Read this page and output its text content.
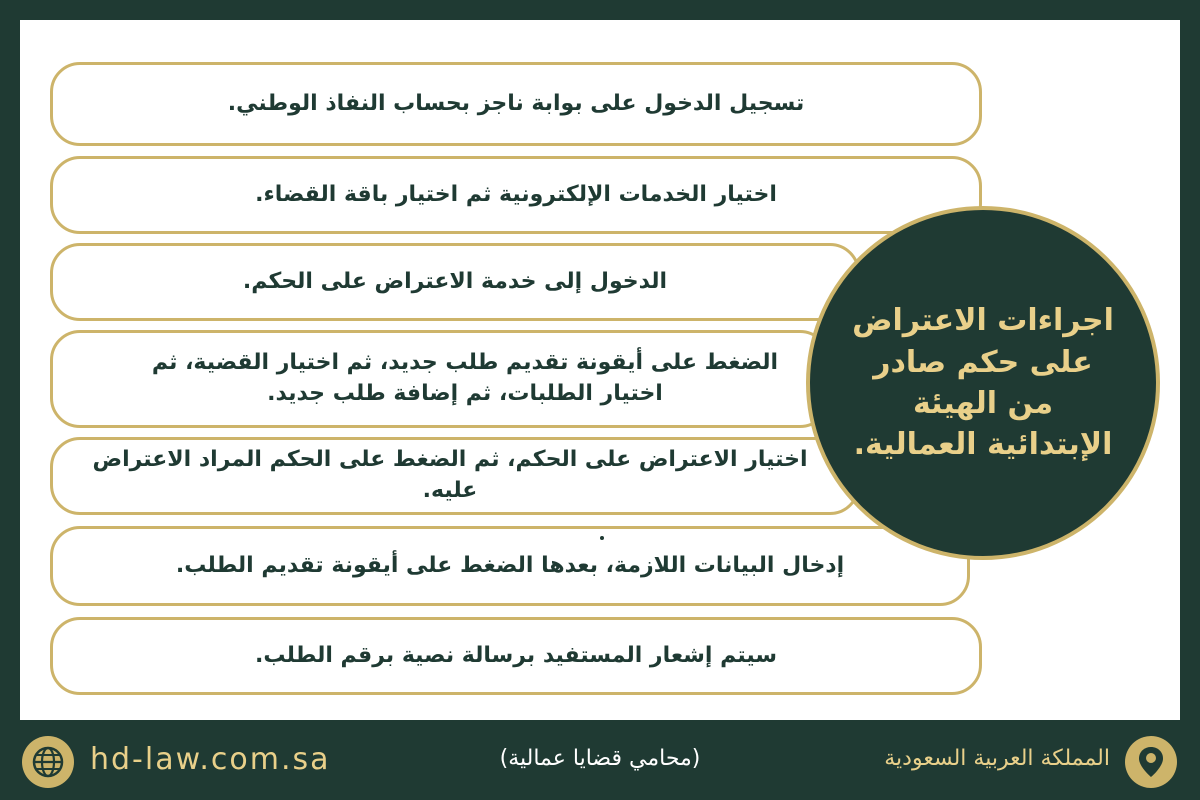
تسجيل الدخول على بوابة ناجز بحساب النفاذ الوطني.
اختيار الخدمات الإلكترونية ثم اختيار باقة القضاء.
الدخول إلى خدمة الاعتراض على الحكم.
الضغط على أيقونة تقديم طلب جديد، ثم اختيار القضية، ثم اختيار الطلبات، ثم إضافة طلب جديد.
اختيار الاعتراض على الحكم، ثم الضغط على الحكم المراد الاعتراض عليه.
إدخال البيانات اللازمة، بعدها الضغط على أيقونة تقديم الطلب.
سيتم إشعار المستفيد برسالة نصية برقم الطلب.
اجراءات الاعتراض على حكم صادر من الهيئة الإبتدائية العمالية.
hd-law.com.sa	(محامي قضايا عمالية)	المملكة العربية السعودية
